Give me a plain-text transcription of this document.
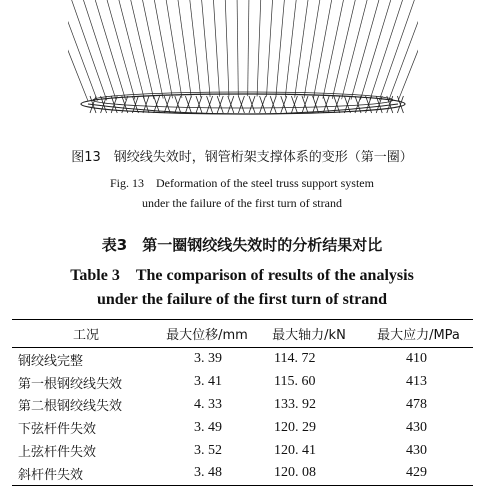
图13　钢绞线失效时，钢管桁架支撑体系的变形（第一圈）
Fig. 13　Deformation of the steel truss support system
under the failure of the first turn of strand
表3　第一圈钢绞线失效时的分析结果对比
Table 3　The comparison of results of the analysis
under the failure of the first turn of strand
工况	最大位移/mm	最大轴力/kN	最大应力/MPa
钢绞线完整	3. 39	114. 72	410
第一根钢绞线失效	3. 41	115. 60	413
第二根钢绞线失效	4. 33	133. 92	478
下弦杆件失效	3. 49	120. 29	430
上弦杆件失效	3. 52	120. 41	430
斜杆件失效	3. 48	120. 08	429
